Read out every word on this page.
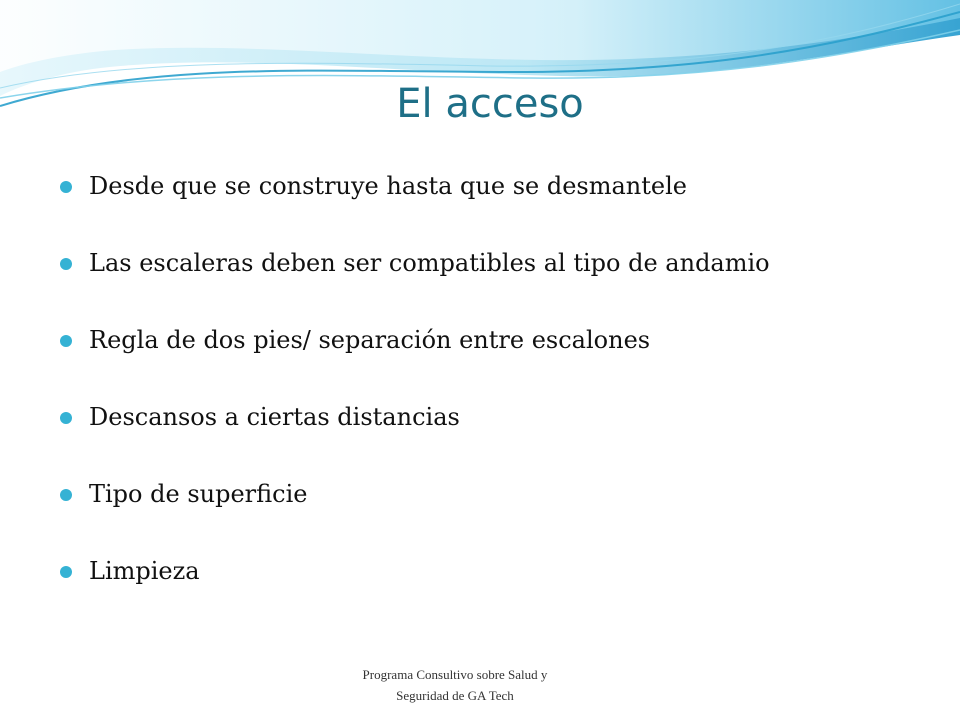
El acceso
Desde que se construye hasta que se desmantele
Las escaleras deben ser compatibles al tipo de andamio
Regla de dos pies/ separación entre escalones
Descansos a ciertas distancias
Tipo de superficie
Limpieza
Programa Consultivo sobre Salud y
Seguridad de GA Tech
